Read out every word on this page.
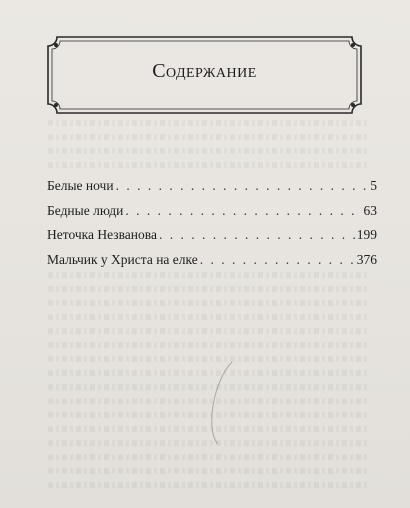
Содержание
Белые ночи . . .	5
Бедные люди . . .	63
Неточка Незванова . . .	199
Мальчик у Христа на елке . . .	376
